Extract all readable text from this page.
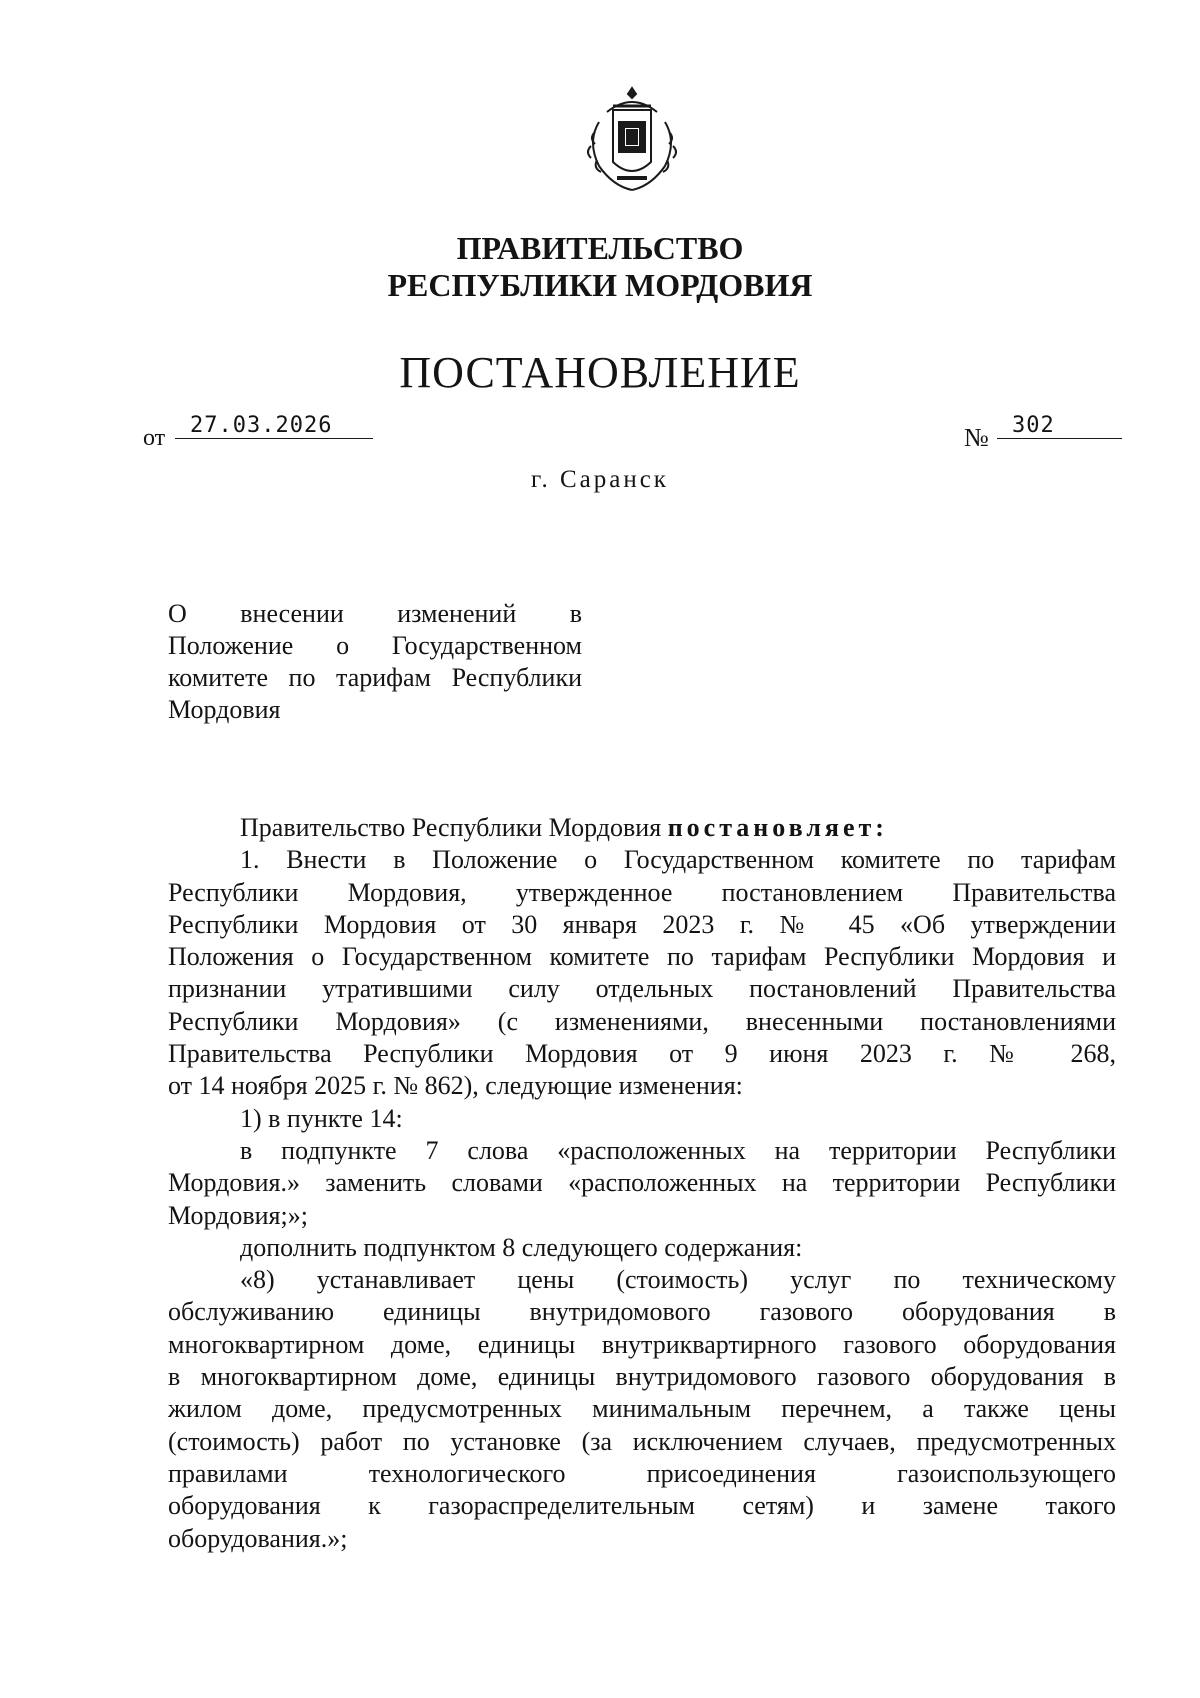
ПРАВИТЕЛЬСТВО
РЕСПУБЛИКИ МОРДОВИЯ
ПОСТАНОВЛЕНИЕ
от 27.03.2026	№ 302
г. Саранск
О внесении изменений в
Положение о Государственном
комитете по тарифам Республики
Мордовия
Правительство Республики Мордовия постановляет:
1. Внести в Положение о Государственном комитете по тарифам
Республики Мордовия, утвержденное постановлением Правительства
Республики Мордовия от 30 января 2023 г. № 45 «Об утверждении
Положения о Государственном комитете по тарифам Республики Мордовия и
признании утратившими силу отдельных постановлений Правительства
Республики Мордовия» (с изменениями, внесенными постановлениями
Правительства Республики Мордовия от 9 июня 2023 г. № 268,
от 14 ноября 2025 г. № 862), следующие изменения:
1) в пункте 14:
в подпункте 7 слова «расположенных на территории Республики
Мордовия.» заменить словами «расположенных на территории Республики
Мордовия;»;
дополнить подпунктом 8 следующего содержания:
«8) устанавливает цены (стоимость) услуг по техническому
обслуживанию единицы внутридомового газового оборудования в
многоквартирном доме, единицы внутриквартирного газового оборудования
в многоквартирном доме, единицы внутридомового газового оборудования в
жилом доме, предусмотренных минимальным перечнем, а также цены
(стоимость) работ по установке (за исключением случаев, предусмотренных
правилами технологического присоединения газоиспользующего
оборудования к газораспределительным сетям) и замене такого
оборудования.»;
